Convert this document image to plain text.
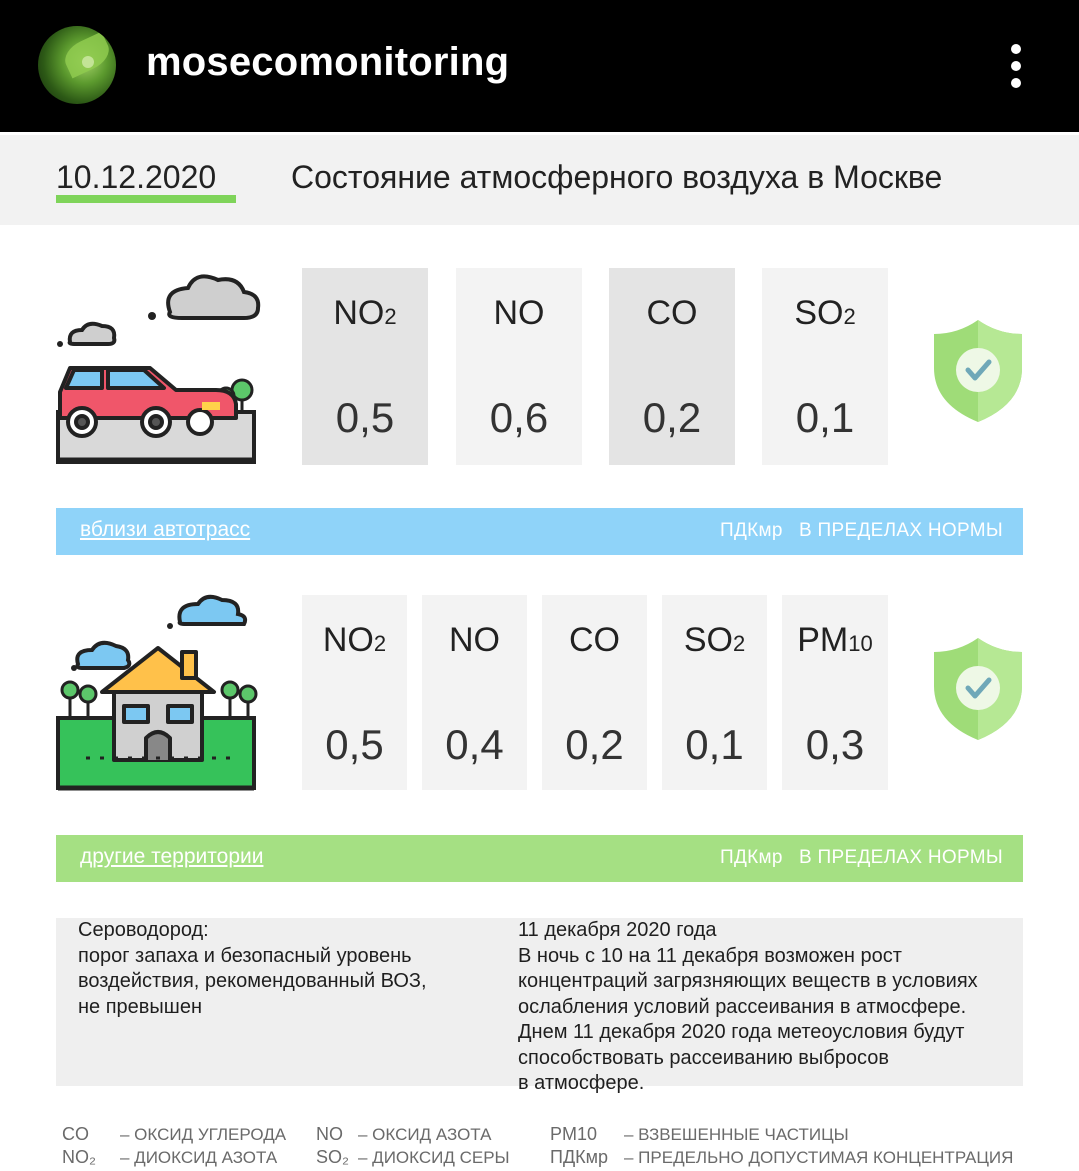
mosecomonitoring
10.12.2020 Состояние атмосферного воздуха в Москве
NO2
0,5
NO
0,6
CO
0,2
SO2
0,1
вблизи автотрасс	ПДКмр В ПРЕДЕЛАХ НОРМЫ
NO2
0,5
NO
0,4
CO
0,2
SO2
0,1
PM10
0,3
другие территории	ПДКмр В ПРЕДЕЛАХ НОРМЫ

Сероводород:

порог запаха и безопасный уровень

воздействия, рекомендованный ВОЗ,

не превышен

11 декабря 2020 года

В ночь с 10 на 11 декабря возможен рост

концентраций загрязняющих веществ в условиях

ослабления условий рассеивания в атмосфере.

Днем 11 декабря 2020 года метеоусловия будут

способствовать рассеиванию выбросов

в атмосфере.

CO – ОКСИД УГЛЕРОДА
NO₂ – ДИОКСИД АЗОТА
NO – ОКСИД АЗОТА
SO₂ – ДИОКСИД СЕРЫ
PM10 – ВЗВЕШЕННЫЕ ЧАСТИЦЫ
ПДКмр – ПРЕДЕЛЬНО ДОПУСТИМАЯ КОНЦЕНТРАЦИЯ
